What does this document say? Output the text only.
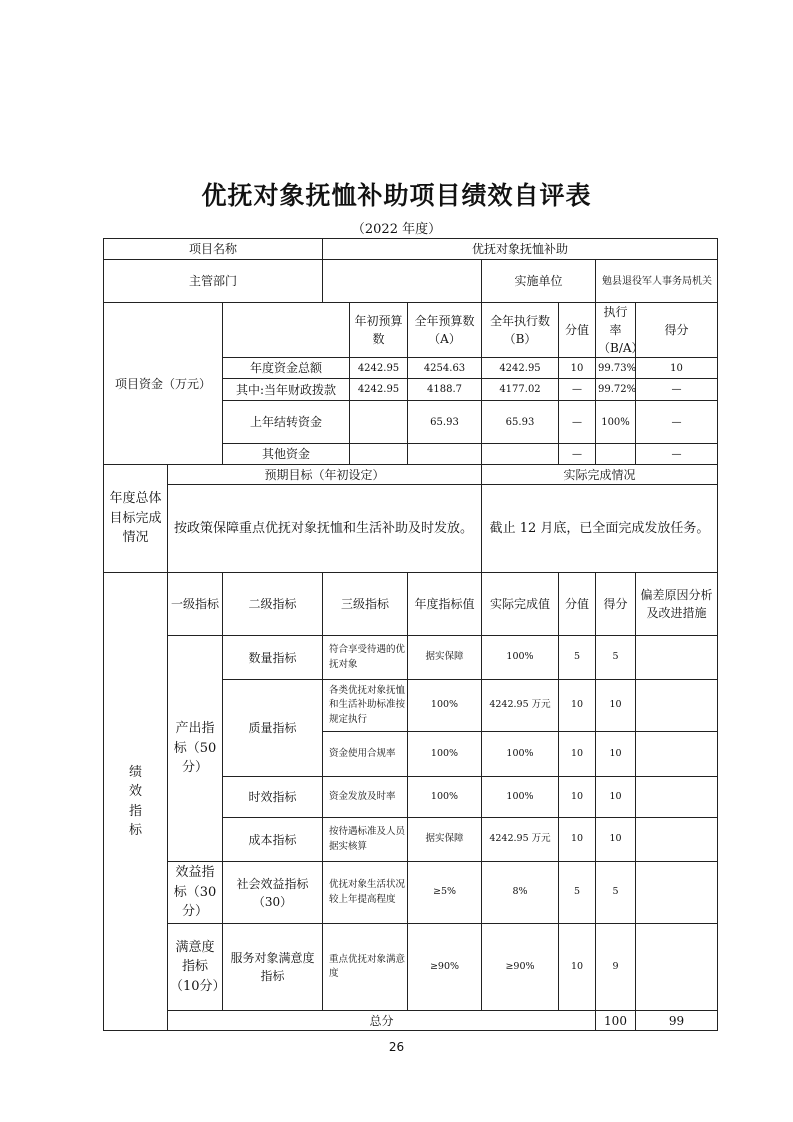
优抚对象抚恤补助项目绩效自评表
（2022 年度）
项目名称			优抚对象抚恤补助							
主管部门						实施单位		勉县退役军人事务局机关		
项目资金（万元）				年初预算数	全年预算数（A）	全年执行数（B）	分值	执行率（B/A）	得分	
		年度资金总额		4242.95	4254.63	4242.95	10	99.73%	10	
		其中:当年财政拨款		4242.95	4188.7	4177.02	—	99.72%	—	
		上年结转资金			65.93	65.93	—	100%	—	
		其他资金					—		—	
年度总体目标完成情况	预期目标（年初设定）					实际完成情况				
	按政策保障重点优抚对象抚恤和生活补助及时发放。					截止 12 月底，已全面完成发放任务。				
绩效指标	一级指标	二级指标	三级指标		年度指标值	实际完成值	分值	得分	偏差原因分析及改进措施	
	产出指标（50分）	数量指标	符合享受待遇的优抚对象		据实保障	100%	5	5		
		质量指标	各类优抚对象抚恤和生活补助标准按规定执行		100%	4242.95 万元	10	10		
			资金使用合规率		100%	100%	10	10		
		时效指标	资金发放及时率		100%	100%	10	10		
		成本指标	按待遇标准及人员据实核算		据实保障	4242.95 万元	10	10		
	效益指标（30分）	社会效益指标（30）	优抚对象生活状况较上年提高程度		≥5%	8%	5	5		
	满意度指标（10分）	服务对象满意度指标	重点优抚对象满意度		≥90%	≥90%	10	9		
	总分							100	99	
26
